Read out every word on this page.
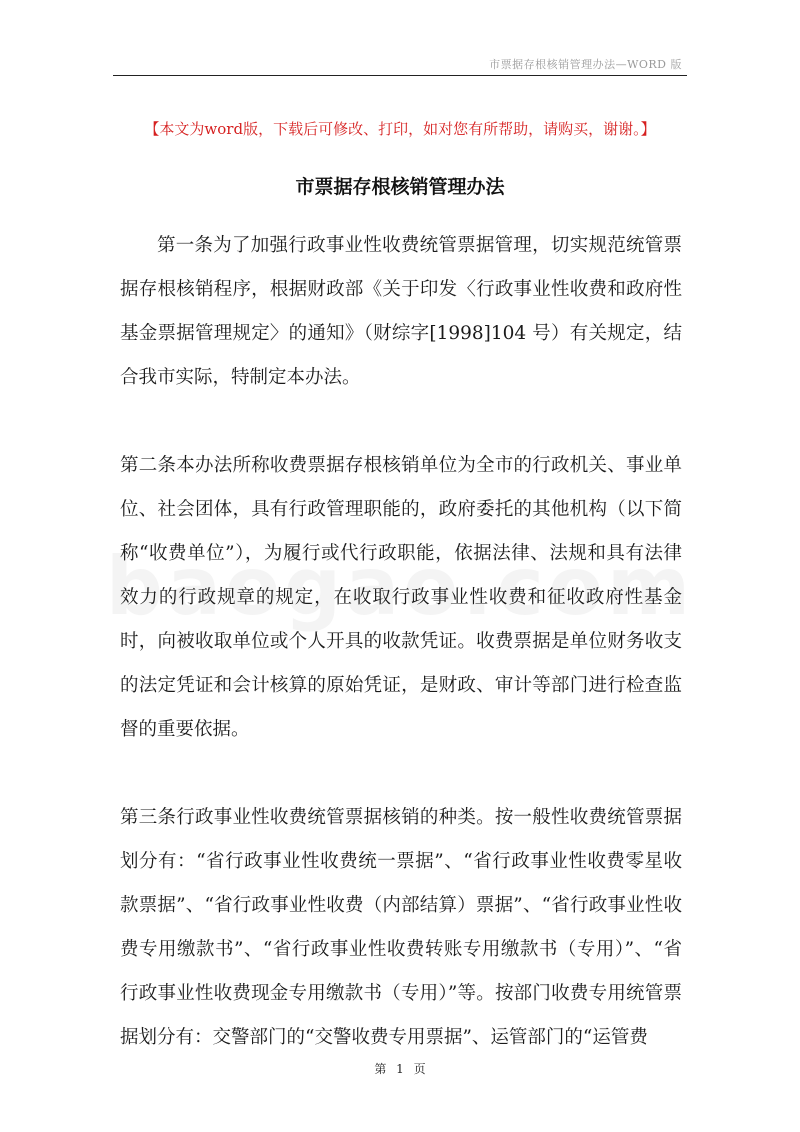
市票据存根核销管理办法—WORD 版
【本文为word版，下载后可修改、打印，如对您有所帮助，请购买，谢谢。】
市票据存根核销管理办法

第一条为了加强行政事业性收费统管票据管理，切实规范统管票据存根核销程序，根据财政部《关于印发〈行政事业性收费和政府性基金票据管理规定〉的通知》（财综字[1998]104 号）有关规定，结合我市实际，特制定本办法。

第二条本办法所称收费票据存根核销单位为全市的行政机关、事业单位、社会团体，具有行政管理职能的，政府委托的其他机构（以下简称“收费单位”），为履行或代行政职能，依据法律、法规和具有法律效力的行政规章的规定，在收取行政事业性收费和征收政府性基金时，向被收取单位或个人开具的收款凭证。收费票据是单位财务收支的法定凭证和会计核算的原始凭证，是财政、审计等部门进行检查监督的重要依据。

第三条行政事业性收费统管票据核销的种类。按一般性收费统管票据划分有：“省行政事业性收费统一票据”、“省行政事业性收费零星收款票据”、“省行政事业性收费（内部结算）票据”、“省行政事业性收费专用缴款书”、“省行政事业性收费转账专用缴款书（专用）”、“省行政事业性收费现金专用缴款书（专用）”等。按部门收费专用统管票据划分有：交警部门的“交警收费专用票据”、运管部门的“运管费

第 1 页
